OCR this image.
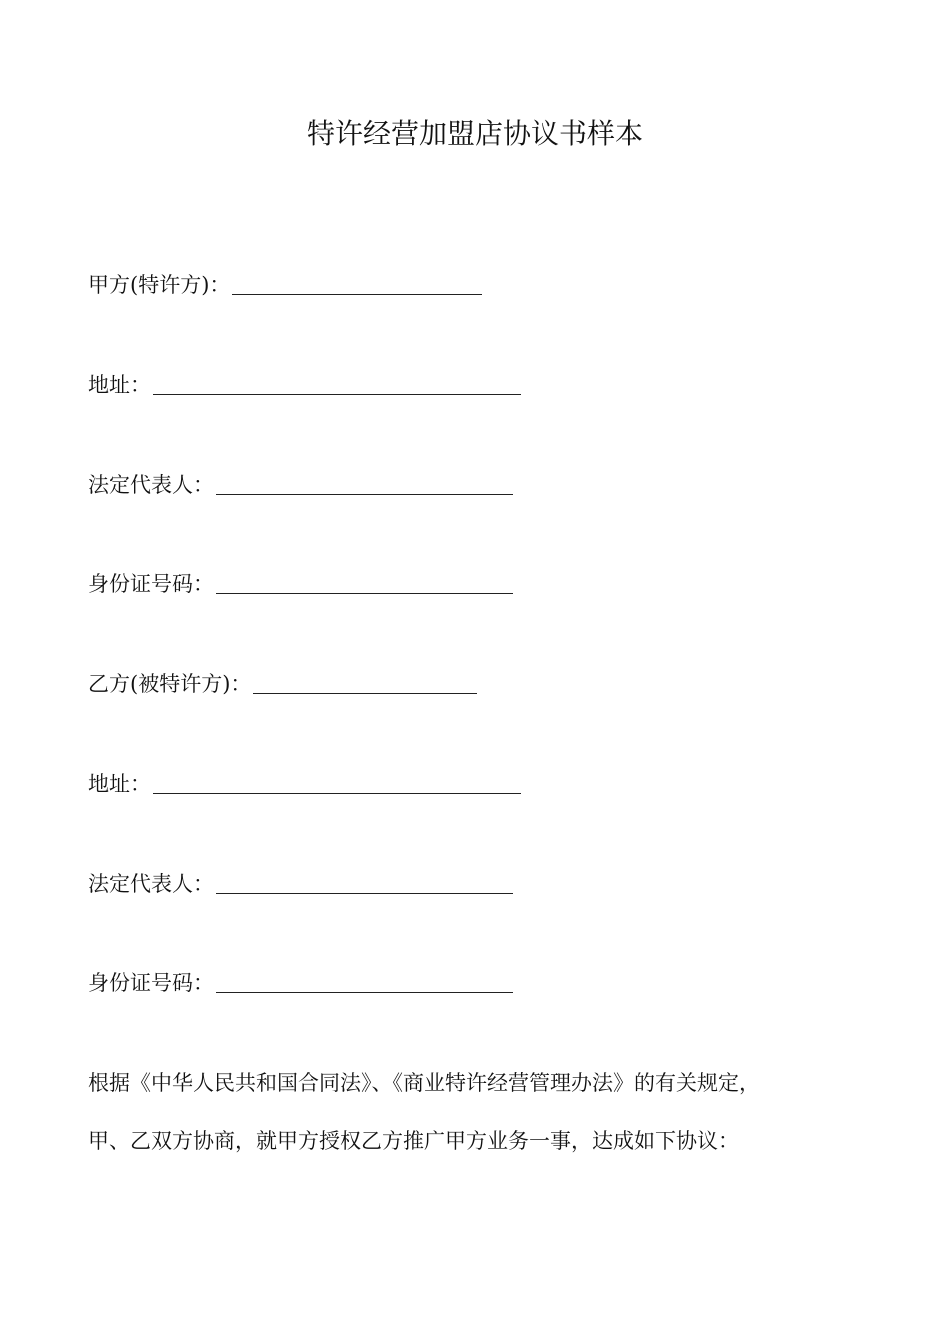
特许经营加盟店协议书样本
甲方(特许方)：
地址：
法定代表人：
身份证号码：
乙方(被特许方)：
地址：
法定代表人：
身份证号码：

根据《中华人民共和国合同法》、《商业特许经营管理办法》的有关规定，
甲、乙双方协商，就甲方授权乙方推广甲方业务一事，达成如下协议：
